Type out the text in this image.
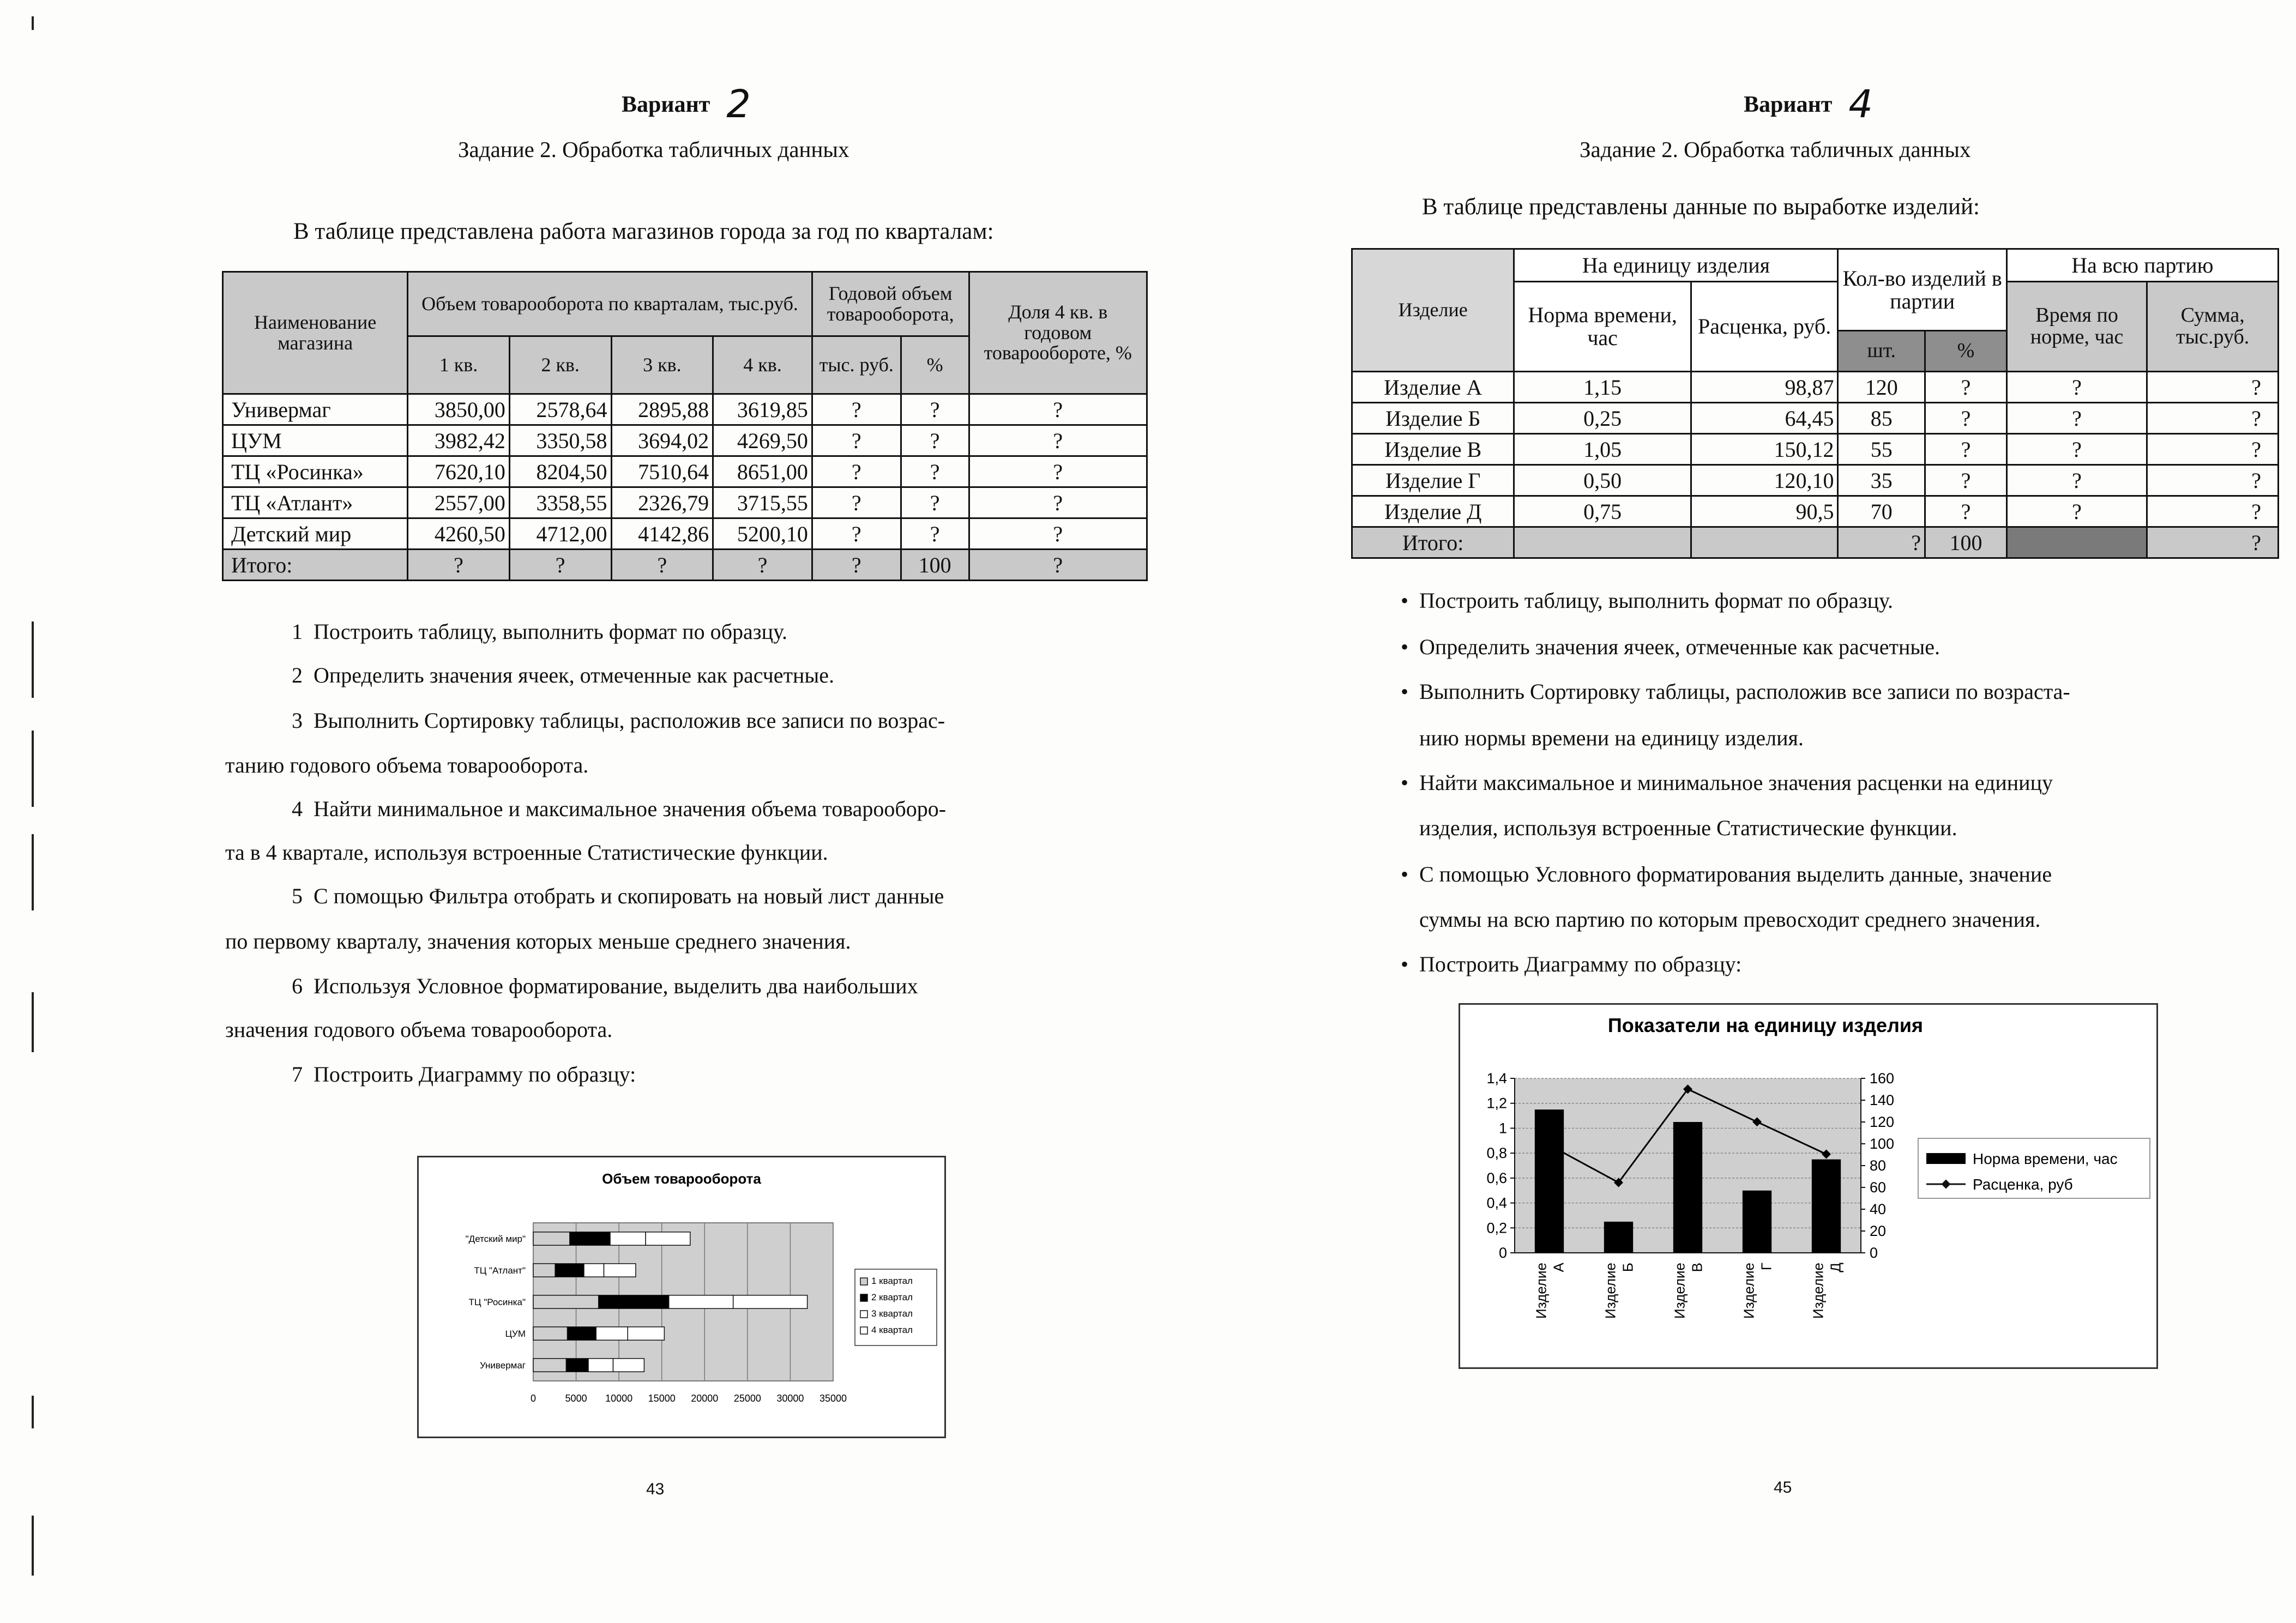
Вариант 2
Задание 2. Обработка табличных данных
В таблице представлена работа магазинов города за год по кварталам:
Наименование магазина	Объем товарооборота по кварталам, тыс.руб.				Годовой объем товарооборота,		Доля 4 кв. в годовом товарообороте, %
	1 кв.	2 кв.	3 кв.	4 кв.	тыс. руб.	%	
Универмаг	3850,00	2578,64	2895,88	3619,85	?	?	?
ЦУМ	3982,42	3350,58	3694,02	4269,50	?	?	?
ТЦ «Росинка»	7620,10	8204,50	7510,64	8651,00	?	?	?
ТЦ «Атлант»	2557,00	3358,55	2326,79	3715,55	?	?	?
Детский мир	4260,50	4712,00	4142,86	5200,10	?	?	?
Итого:	?	?	?	?	?	100	?
1 Построить таблицу, выполнить формат по образцу.
2 Определить значения ячеек, отмеченные как расчетные.
3 Выполнить Сортировку таблицы, расположив все записи по возрас-
танию годового объема товарооборота.
4 Найти минимальное и максимальное значения объема товарооборо-
та в 4 квартале, используя встроенные Статистические функции.
5 С помощью Фильтра отобрать и скопировать на новый лист данные
по первому кварталу, значения которых меньше среднего значения.
6 Используя Условное форматирование, выделить два наибольших
значения годового объема товарооборота.
7 Построить Диаграмму по образцу:
Объем товарооборота
0	5000 10000 15000 20000 25000 30000 35000
Универмаг
ЦУМ
ТЦ "Росинка"
ТЦ "Атлант"
"Детский мир"
1 квартал
2 квартал
3 квартал
4 квартал
43
Вариант 4
Задание 2. Обработка табличных данных
В таблице представлены данные по выработке изделий:
Изделие	На единицу изделия		Кол-во изделий в партии		На всю партию	
	Норма времени, час	Расценка, руб.			Время по норме, час	Сумма, тыс.руб.
			шт.	%		
Изделие А	1,15	98,87	120	?	?	?
Изделие Б	0,25	64,45	85	?	?	?
Изделие В	1,05	150,12	55	?	?	?
Изделие Г	0,50	120,10	35	?	?	?
Изделие Д	0,75	90,5	70	?	?	?
Итого:			?	100		?
• Построить таблицу, выполнить формат по образцу.
• Определить значения ячеек, отмеченные как расчетные.
• Выполнить Сортировку таблицы, расположив все записи по возраста-
нию нормы времени на единицу изделия.
• Найти максимальное и минимальное значения расценки на единицу
изделия, используя встроенные Статистические функции.
• С помощью Условного форматирования выделить данные, значение
суммы на всю партию по которым превосходит среднего значения.
• Построить Диаграмму по образцу:
Показатели на единицу изделия
0
0,2
0,4
0,6
0,8
1
1,2
1,4
0
20
40
60
80
100
120
140
160
Изделие А	Изделие Б	Изделие В	Изделие Г	Изделие Д
Норма времени, час
Расценка, руб
45
